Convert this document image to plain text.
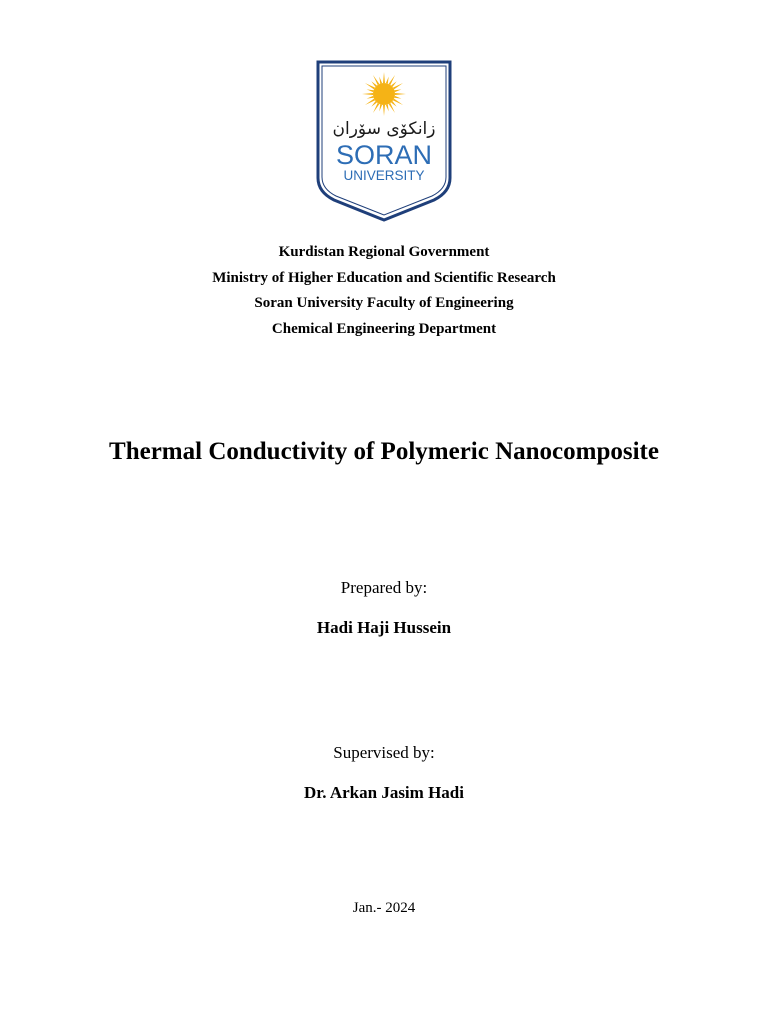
زانکۆی سۆران
SORAN
UNIVERSITY
Kurdistan Regional Government
Ministry of Higher Education and Scientific Research
Soran University Faculty of Engineering
Chemical Engineering Department
Thermal Conductivity of Polymeric Nanocomposite
Prepared by:
Hadi Haji Hussein
Supervised by:
Dr. Arkan Jasim Hadi
Jan.- 2024
